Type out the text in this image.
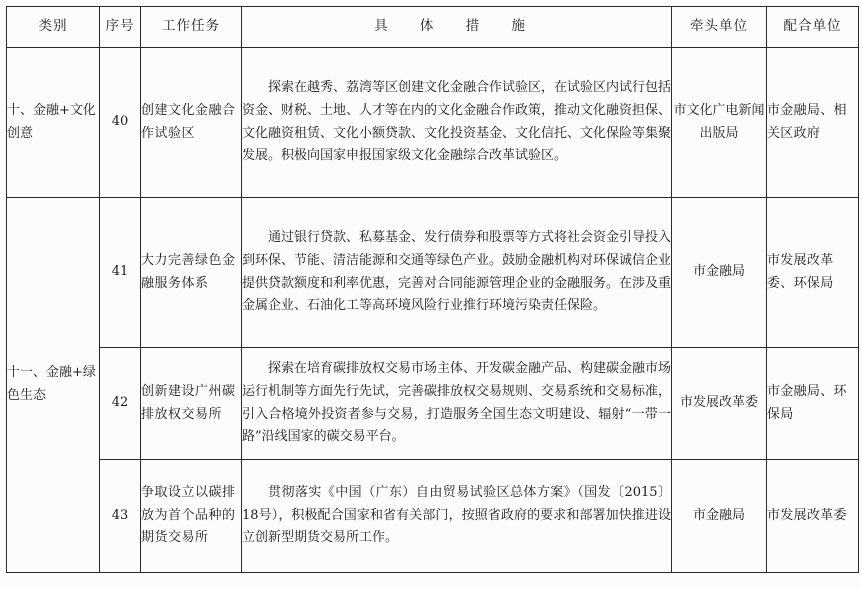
类别	序号	工作任务	具 体 措 施	牵头单位	配合单位
十、金融+文化创意	40	创建文化金融合作试验区	探索在越秀、荔湾等区创建文化金融合作试验区，在试验区内试行包括资金、财税、土地、人才等在内的文化金融合作政策，推动文化融资担保、文化融资租赁、文化小额贷款、文化投资基金、文化信托、文化保险等集聚发展。积极向国家申报国家级文化金融综合改革试验区。	市文化广电新闻出版局	市金融局、相关区政府
十一、金融+绿色生态	41	大力完善绿色金融服务体系	通过银行贷款、私募基金、发行债券和股票等方式将社会资金引导投入到环保、节能、清洁能源和交通等绿色产业。鼓励金融机构对环保诚信企业提供贷款额度和利率优惠，完善对合同能源管理企业的金融服务。在涉及重金属企业、石油化工等高环境风险行业推行环境污染责任保险。	市金融局	市发展改革委、环保局
	42	创新建设广州碳排放权交易所	探索在培育碳排放权交易市场主体、开发碳金融产品、构建碳金融市场运行机制等方面先行先试，完善碳排放权交易规则、交易系统和交易标准，引入合格境外投资者参与交易，打造服务全国生态文明建设、辐射“一带一路”沿线国家的碳交易平台。	市发展改革委	市金融局、环保局
	43	争取设立以碳排放为首个品种的期货交易所	贯彻落实《中国（广东）自由贸易试验区总体方案》（国发〔2015〕18号），积极配合国家和省有关部门，按照省政府的要求和部署加快推进设立创新型期货交易所工作。	市金融局	市发展改革委
